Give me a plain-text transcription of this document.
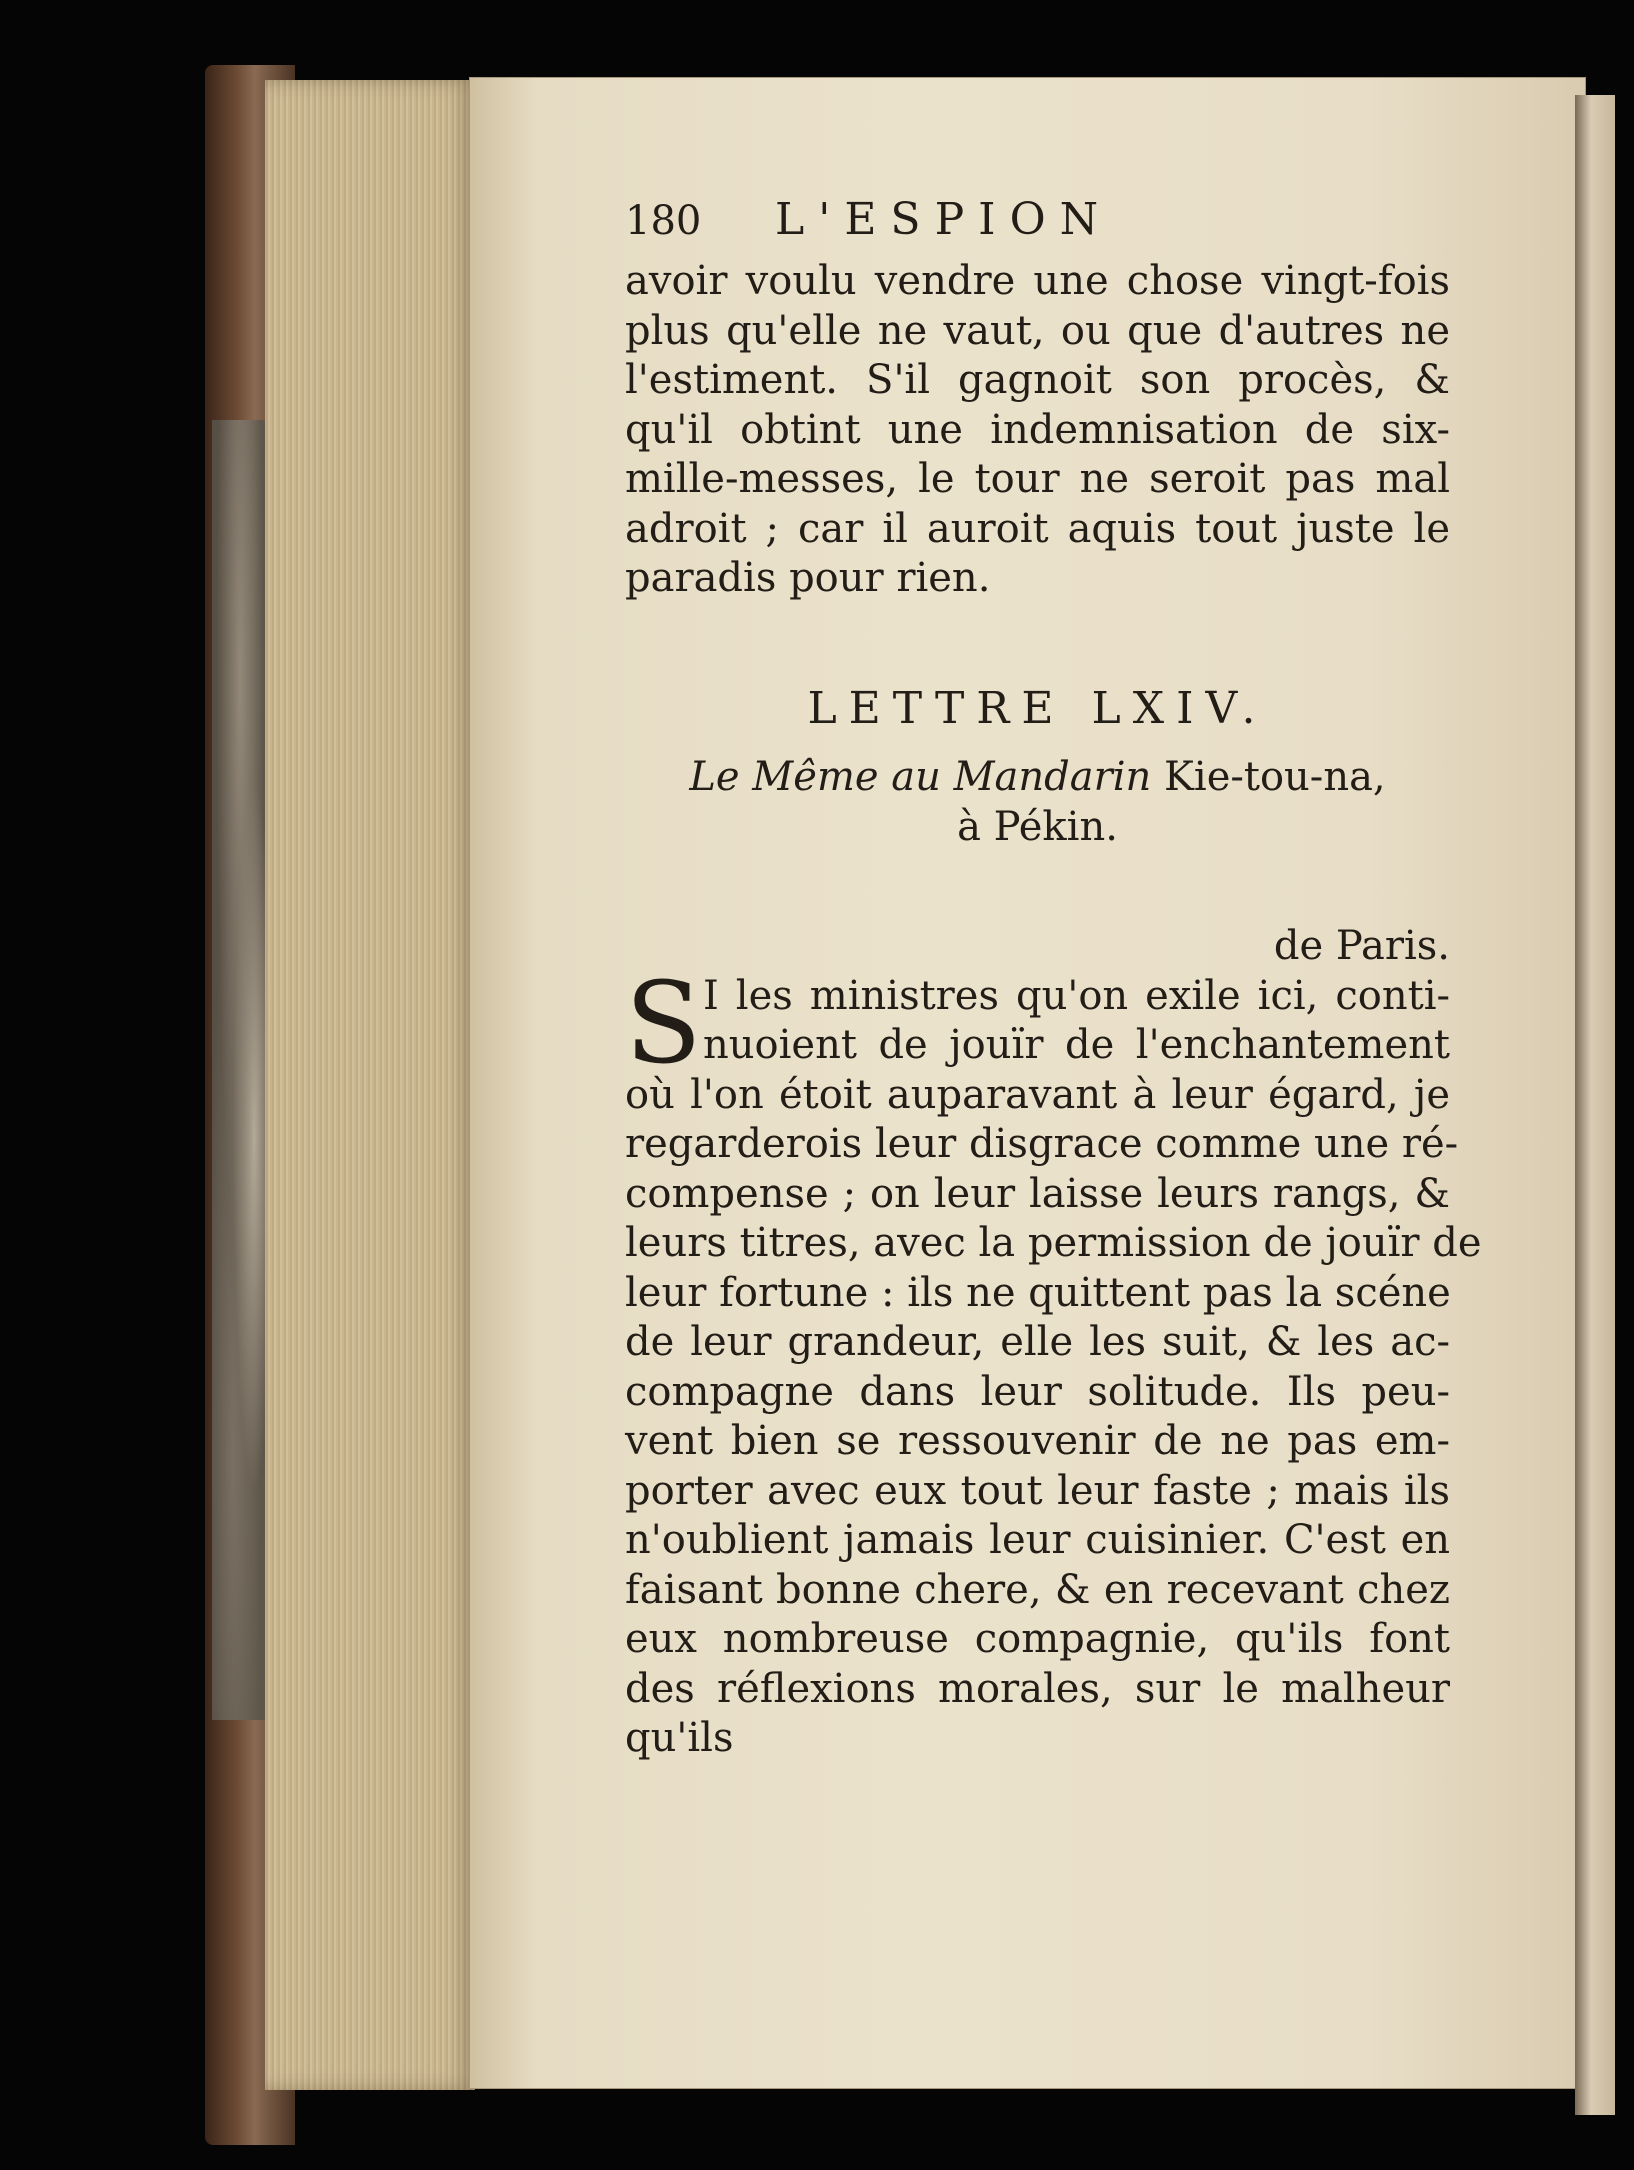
180	L'ESPION
avoir voulu vendre une chose vingt-fois
plus qu'elle ne vaut, ou que d'autres ne
l'estiment. S'il gagnoit son procès, &
qu'il obtint une indemnisation de six-
mille-messes, le tour ne seroit pas mal
adroit ; car il auroit aquis tout juste le
paradis pour rien.
LETTRE LXIV.
Le Même au Mandarin Kie-tou-na,
à Pékin.
de Paris.
S I les ministres qu'on exile ici, conti-
nuoient de jouïr de l'enchantement
où l'on étoit auparavant à leur égard, je
regarderois leur disgrace comme une ré-
compense ; on leur laisse leurs rangs, &
leurs titres, avec la permission de jouïr de
leur fortune : ils ne quittent pas la scéne
de leur grandeur, elle les suit, & les ac-
compagne dans leur solitude. Ils peu-
vent bien se ressouvenir de ne pas em-
porter avec eux tout leur faste ; mais ils
n'oublient jamais leur cuisinier. C'est en
faisant bonne chere, & en recevant chez
eux nombreuse compagnie, qu'ils font
des réflexions morales, sur le malheur
qu'ils
